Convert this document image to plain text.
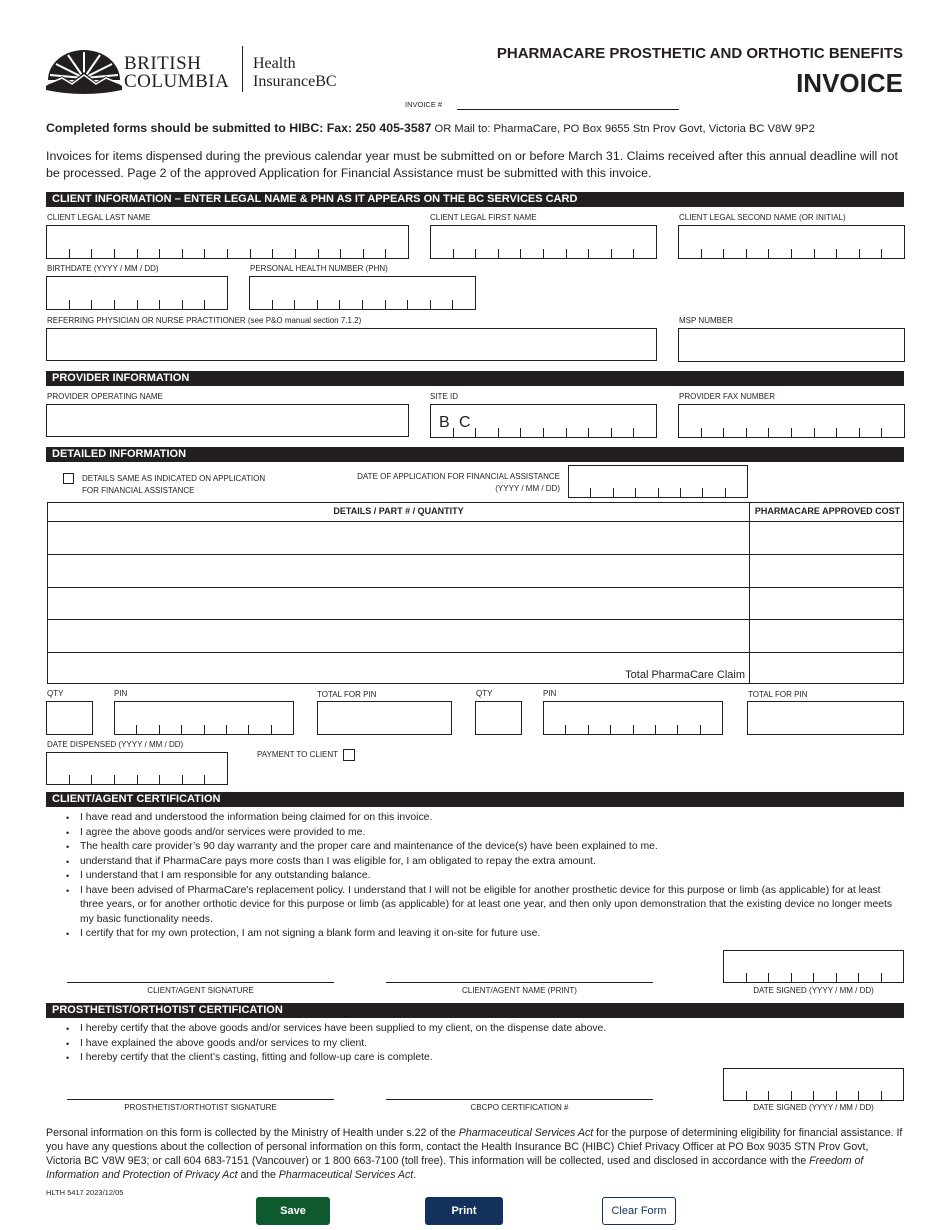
BRITISH
COLUMBIA
Health
InsuranceBC
PHARMACARE PROSTHETIC AND ORTHOTIC BENEFITS
INVOICE
INVOICE #
Completed forms should be submitted to HIBC: Fax: 250 405-3587 OR Mail to: PharmaCare, PO Box 9655 Stn Prov Govt, Victoria BC V8W 9P2
Invoices for items dispensed during the previous calendar year must be submitted on or before March 31. Claims received after this annual deadline will not be processed. Page 2 of the approved Application for Financial Assistance must be submitted with this invoice.
CLIENT INFORMATION – ENTER LEGAL NAME & PHN AS IT APPEARS ON THE BC SERVICES CARD
CLIENT LEGAL LAST NAME	CLIENT LEGAL FIRST NAME	CLIENT LEGAL SECOND NAME (OR INITIAL)
BIRTHDATE (YYYY / MM / DD)	PERSONAL HEALTH NUMBER (PHN)
REFERRING PHYSICIAN OR NURSE PRACTITIONER (see P&O manual section 7.1.2)	MSP NUMBER
PROVIDER INFORMATION
PROVIDER OPERATING NAME	SITE ID
B C
PROVIDER FAX NUMBER
DETAILED INFORMATION
DETAILS SAME AS INDICATED ON APPLICATION FOR FINANCIAL ASSISTANCE
DATE OF APPLICATION FOR FINANCIAL ASSISTANCE
(YYYY / MM / DD)
DETAILS / PART # / QUANTITY	PHARMACARE APPROVED COST
Total PharmaCare Claim
QTY	PIN	TOTAL FOR PIN	QTY	PIN	TOTAL FOR PIN
DATE DISPENSED (YYYY / MM / DD)
PAYMENT TO CLIENT
CLIENT/AGENT CERTIFICATION
• I have read and understood the information being claimed for on this invoice.
• I agree the above goods and/or services were provided to me.
• The health care provider’s 90 day warranty and the proper care and maintenance of the device(s) have been explained to me.
• understand that if PharmaCare pays more costs than I was eligible for, I am obligated to repay the extra amount.
• I understand that I am responsible for any outstanding balance.
• I have been advised of PharmaCare's replacement policy. I understand that I will not be eligible for another prosthetic device for this purpose or limb (as applicable) for at least three years, or for another orthotic device for this purpose or limb (as applicable) for at least one year, and then only upon demonstration that the existing device no longer meets my basic functionality needs.
• I certify that for my own protection, I am not signing a blank form and leaving it on-site for future use.
CLIENT/AGENT SIGNATURE	CLIENT/AGENT NAME (PRINT)	DATE SIGNED (YYYY / MM / DD)
PROSTHETIST/ORTHOTIST CERTIFICATION
• I hereby certify that the above goods and/or services have been supplied to my client, on the dispense date above.
• I have explained the above goods and/or services to my client.
• I hereby certify that the client’s casting, fitting and follow-up care is complete.
PROSTHETIST/ORTHOTIST SIGNATURE	CBCPO CERTIFICATION #	DATE SIGNED (YYYY / MM / DD)
Personal information on this form is collected by the Ministry of Health under s.22 of the Pharmaceutical Services Act for the purpose of determining eligibility for financial assistance. If you have any questions about the collection of personal information on this form, contact the Health Insurance BC (HIBC) Chief Privacy Officer at PO Box 9035 STN Prov Govt, Victoria BC V8W 9E3; or call 604 683-7151 (Vancouver) or 1 800 663-7100 (toll free). This information will be collected, used and disclosed in accordance with the Freedom of Information and Protection of Privacy Act and the Pharmaceutical Services Act.
HLTH 5417 2023/12/05
Save	Print	Clear Form
